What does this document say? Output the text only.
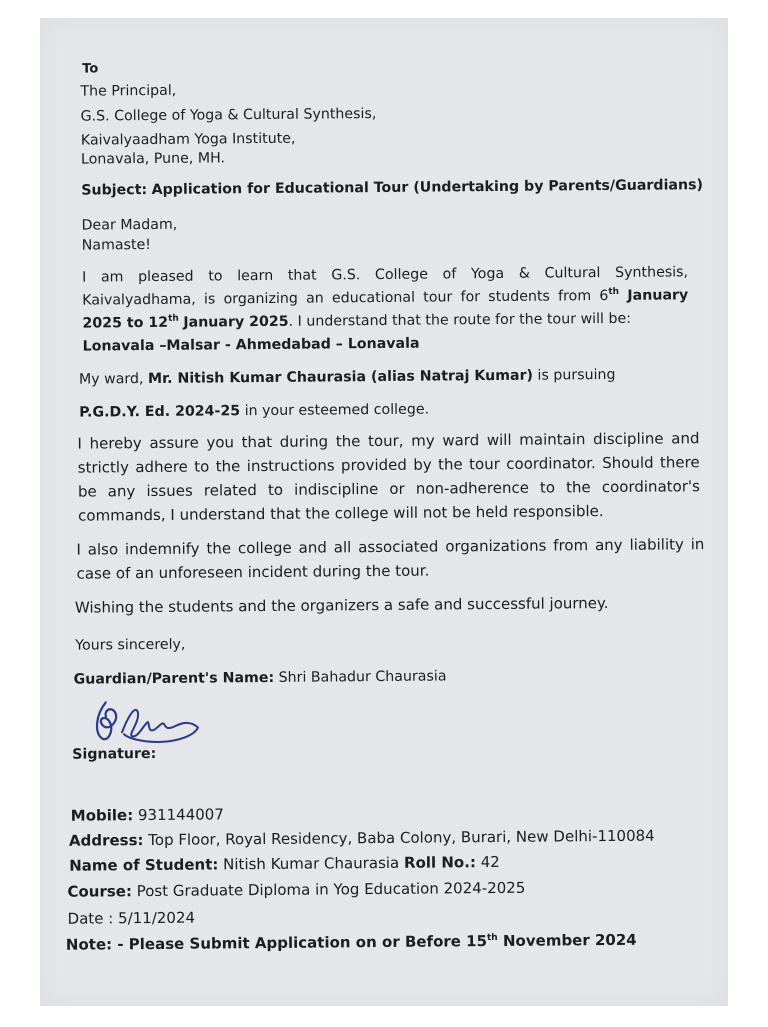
To
The Principal,
G.S. College of Yoga & Cultural Synthesis,
Kaivalyaadham Yoga Institute,
Lonavala, Pune, MH.
Subject: Application for Educational Tour (Undertaking by Parents/Guardians)
Dear Madam,
Namaste!
I am pleased to learn that G.S. College of Yoga & Cultural Synthesis,
Kaivalyadhama, is organizing an educational tour for students from 6th January
2025 to 12th January 2025. I understand that the route for the tour will be:
Lonavala –Malsar - Ahmedabad – Lonavala
My ward, Mr. Nitish Kumar Chaurasia (alias Natraj Kumar) is pursuing
P.G.D.Y. Ed. 2024-25 in your esteemed college.
I hereby assure you that during the tour, my ward will maintain discipline and
strictly adhere to the instructions provided by the tour coordinator. Should there
be any issues related to indiscipline or non-adherence to the coordinator's
commands, I understand that the college will not be held responsible.
I also indemnify the college and all associated organizations from any liability in
case of an unforeseen incident during the tour.
Wishing the students and the organizers a safe and successful journey.
Yours sincerely,
Guardian/Parent's Name: Shri Bahadur Chaurasia
Signature:
Mobile: 931144007
Address: Top Floor, Royal Residency, Baba Colony, Burari, New Delhi-110084
Name of Student: Nitish Kumar Chaurasia Roll No.: 42
Course: Post Graduate Diploma in Yog Education 2024-2025
Date : 5/11/2024
Note: - Please Submit Application on or Before 15th November 2024
